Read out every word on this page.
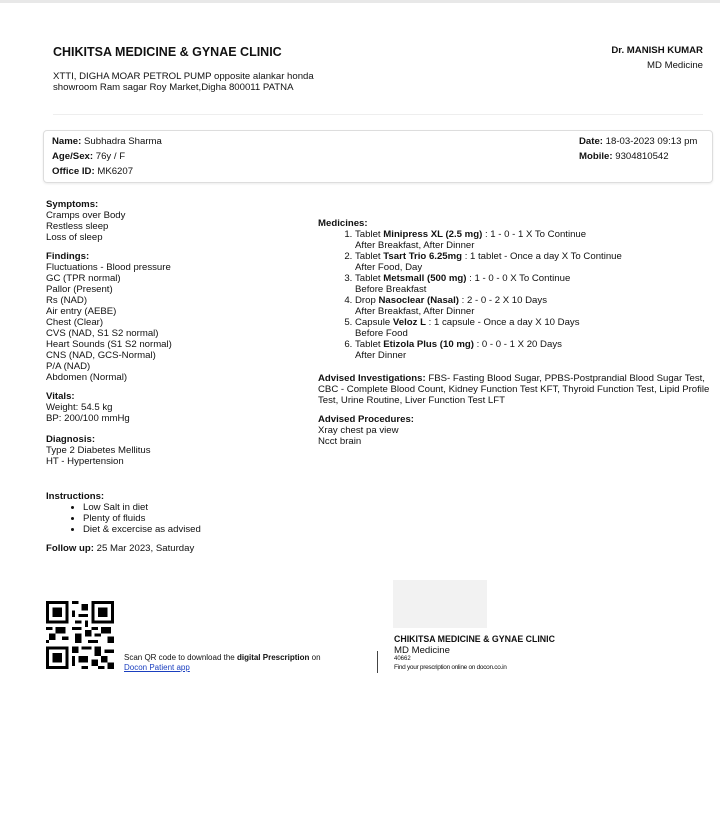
CHIKITSA MEDICINE & GYNAE CLINIC
XTTI, DIGHA MOAR PETROL PUMP opposite alankar honda showroom Ram sagar Roy Market,Digha 800011 PATNA
Dr. MANISH KUMAR
MD Medicine
Name: Subhadra Sharma
Age/Sex: 76y / F
Office ID: MK6207
Date: 18-03-2023 09:13 pm
Mobile: 9304810542
Symptoms:
Cramps over Body
Restless sleep
Loss of sleep
Findings:
Fluctuations - Blood pressure
GC (TPR normal)
Pallor (Present)
Rs (NAD)
Air entry (AEBE)
Chest (Clear)
CVS (NAD, S1 S2 normal)
Heart Sounds (S1 S2 normal)
CNS (NAD, GCS-Normal)
P/A (NAD)
Abdomen (Normal)
Vitals:
Weight: 54.5 kg
BP: 200/100 mmHg
Diagnosis:
Type 2 Diabetes Mellitus
HT - Hypertension
Instructions:
• Low Salt in diet
• Plenty of fluids
• Diet & excercise as advised
Follow up: 25 Mar 2023, Saturday
Medicines:
1. Tablet Minipress XL (2.5 mg) : 1 - 0 - 1 X To Continue
After Breakfast, After Dinner
2. Tablet Tsart Trio 6.25mg : 1 tablet - Once a day X To Continue
After Food, Day
3. Tablet Metsmall (500 mg) : 1 - 0 - 0 X To Continue
Before Breakfast
4. Drop Nasoclear (Nasal) : 2 - 0 - 2 X 10 Days
After Breakfast, After Dinner
5. Capsule Veloz L : 1 capsule - Once a day X 10 Days
Before Food
6. Tablet Etizola Plus (10 mg) : 0 - 0 - 1 X 20 Days
After Dinner
Advised Investigations: FBS- Fasting Blood Sugar, PPBS-Postprandial Blood Sugar Test, CBC - Complete Blood Count, Kidney Function Test KFT, Thyroid Function Test, Lipid Profile Test, Urine Routine, Liver Function Test LFT
Advised Procedures:
Xray chest pa view
Ncct brain
Scan QR code to download the digital Prescription on
Docon Patient app
CHIKITSA MEDICINE & GYNAE CLINIC
MD Medicine
40662
Find your prescription online on docon.co.in
